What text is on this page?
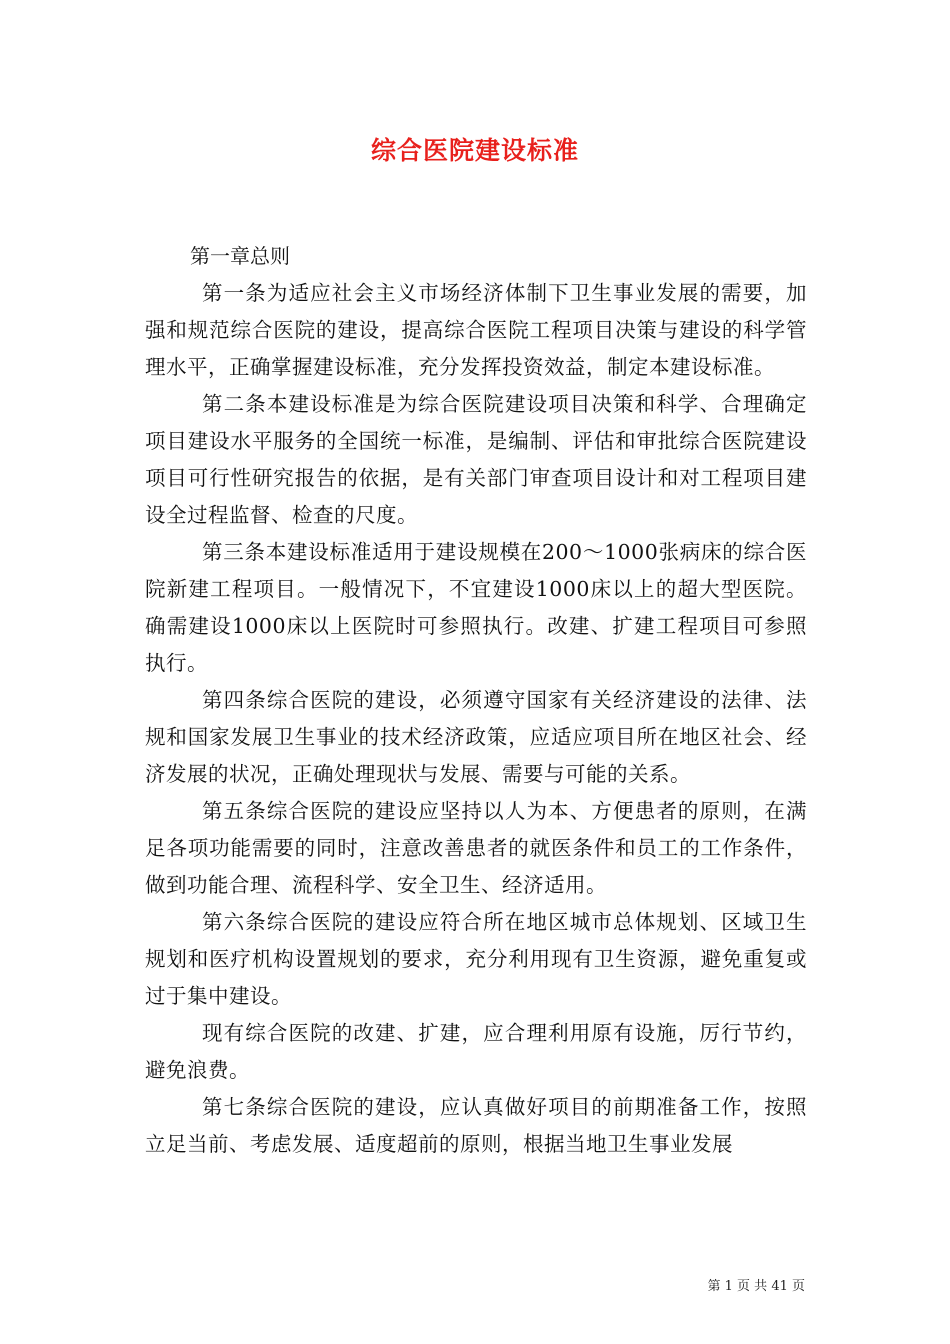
综合医院建设标准

第一章总则

第一条为适应社会主义市场经济体制下卫生事业发展的需要，加强和规范综合医院的建设，提高综合医院工程项目决策与建设的科学管理水平，正确掌握建设标准，充分发挥投资效益，制定本建设标准。

第二条本建设标准是为综合医院建设项目决策和科学、合理确定项目建设水平服务的全国统一标准，是编制、评估和审批综合医院建设项目可行性研究报告的依据，是有关部门审查项目设计和对工程项目建设全过程监督、检查的尺度。

第三条本建设标准适用于建设规模在200～1000张病床的综合医院新建工程项目。一般情况下，不宜建设1000床以上的超大型医院。确需建设1000床以上医院时可参照执行。改建、扩建工程项目可参照执行。

第四条综合医院的建设，必须遵守国家有关经济建设的法律、法规和国家发展卫生事业的技术经济政策，应适应项目所在地区社会、经济发展的状况，正确处理现状与发展、需要与可能的关系。

第五条综合医院的建设应坚持以人为本、方便患者的原则，在满足各项功能需要的同时，注意改善患者的就医条件和员工的工作条件，做到功能合理、流程科学、安全卫生、经济适用。

第六条综合医院的建设应符合所在地区城市总体规划、区域卫生规划和医疗机构设置规划的要求，充分利用现有卫生资源，避免重复或过于集中建设。

现有综合医院的改建、扩建，应合理利用原有设施，厉行节约，避免浪费。

第七条综合医院的建设，应认真做好项目的前期准备工作，按照立足当前、考虑发展、适度超前的原则，根据当地卫生事业发展

第 1 页 共 41 页
